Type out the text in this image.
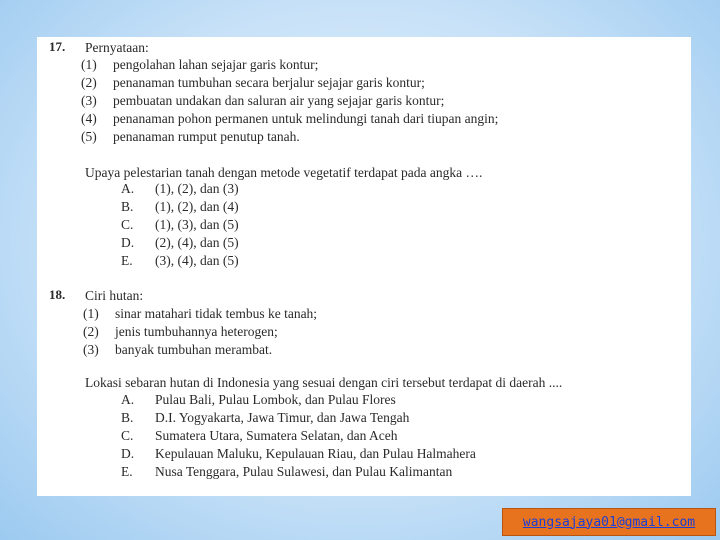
17. Pernyataan:
(1) pengolahan lahan sejajar garis kontur;
(2) penanaman tumbuhan secara berjalur sejajar garis kontur;
(3) pembuatan undakan dan saluran air yang sejajar garis kontur;
(4) penanaman pohon permanen untuk melindungi tanah dari tiupan angin;
(5) penanaman rumput penutup tanah.
Upaya pelestarian tanah dengan metode vegetatif terdapat pada angka ….
A. (1), (2), dan (3)
B. (1), (2), dan (4)
C. (1), (3), dan (5)
D. (2), (4), dan (5)
E. (3), (4), dan (5)
18. Ciri hutan:
(1) sinar matahari tidak tembus ke tanah;
(2) jenis tumbuhannya heterogen;
(3) banyak tumbuhan merambat.
Lokasi sebaran hutan di Indonesia yang sesuai dengan ciri tersebut terdapat di daerah ....
A. Pulau Bali, Pulau Lombok, dan Pulau Flores
B. D.I. Yogyakarta, Jawa Timur, dan Jawa Tengah
C. Sumatera Utara, Sumatera Selatan, dan Aceh
D. Kepulauan Maluku, Kepulauan Riau, dan Pulau Halmahera
E. Nusa Tenggara, Pulau Sulawesi, dan Pulau Kalimantan
wangsajaya01@gmail.com
